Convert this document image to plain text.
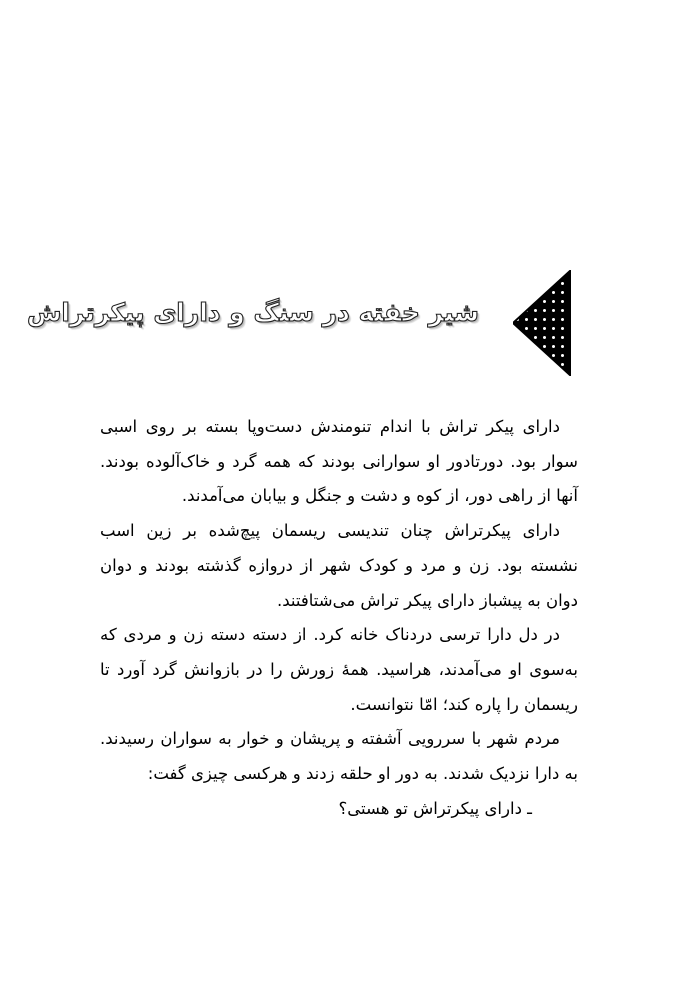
شیر خفته در سنگ و دارای پیکرتراش

دارای پیکر تراش با اندام تنومندش دست‌وپا بسته بر روی اسبی سوار بود. دورتادور او سوارانی بودند که همه گرد و خاک‌آلوده بودند. آنها از راهی دور، از کوه و دشت و جنگل و بیابان می‌آمدند.

دارای پیکرتراش چنان تندیسی ریسمان پیچ‌شده بر زین اسب نشسته بود. زن و مرد و کودک شهر از دروازه گذشته بودند و دوان دوان به پیشباز دارای پیکر تراش می‌شتافتند.

در دل دارا ترسی دردناک خانه کرد. از دسته دسته زن و مردی که به‌سوی او می‌آمدند، هراسید. همهٔ زورش را در بازوانش گرد آورد تا ریسمان را پاره کند؛ امّا نتوانست.

مردم شهر با سررویی آشفته و پریشان و خوار به سواران رسیدند. به دارا نزدیک شدند. به دور او حلقه زدند و هرکسی چیزی گفت:

ـ دارای پیکرتراش تو هستی؟
